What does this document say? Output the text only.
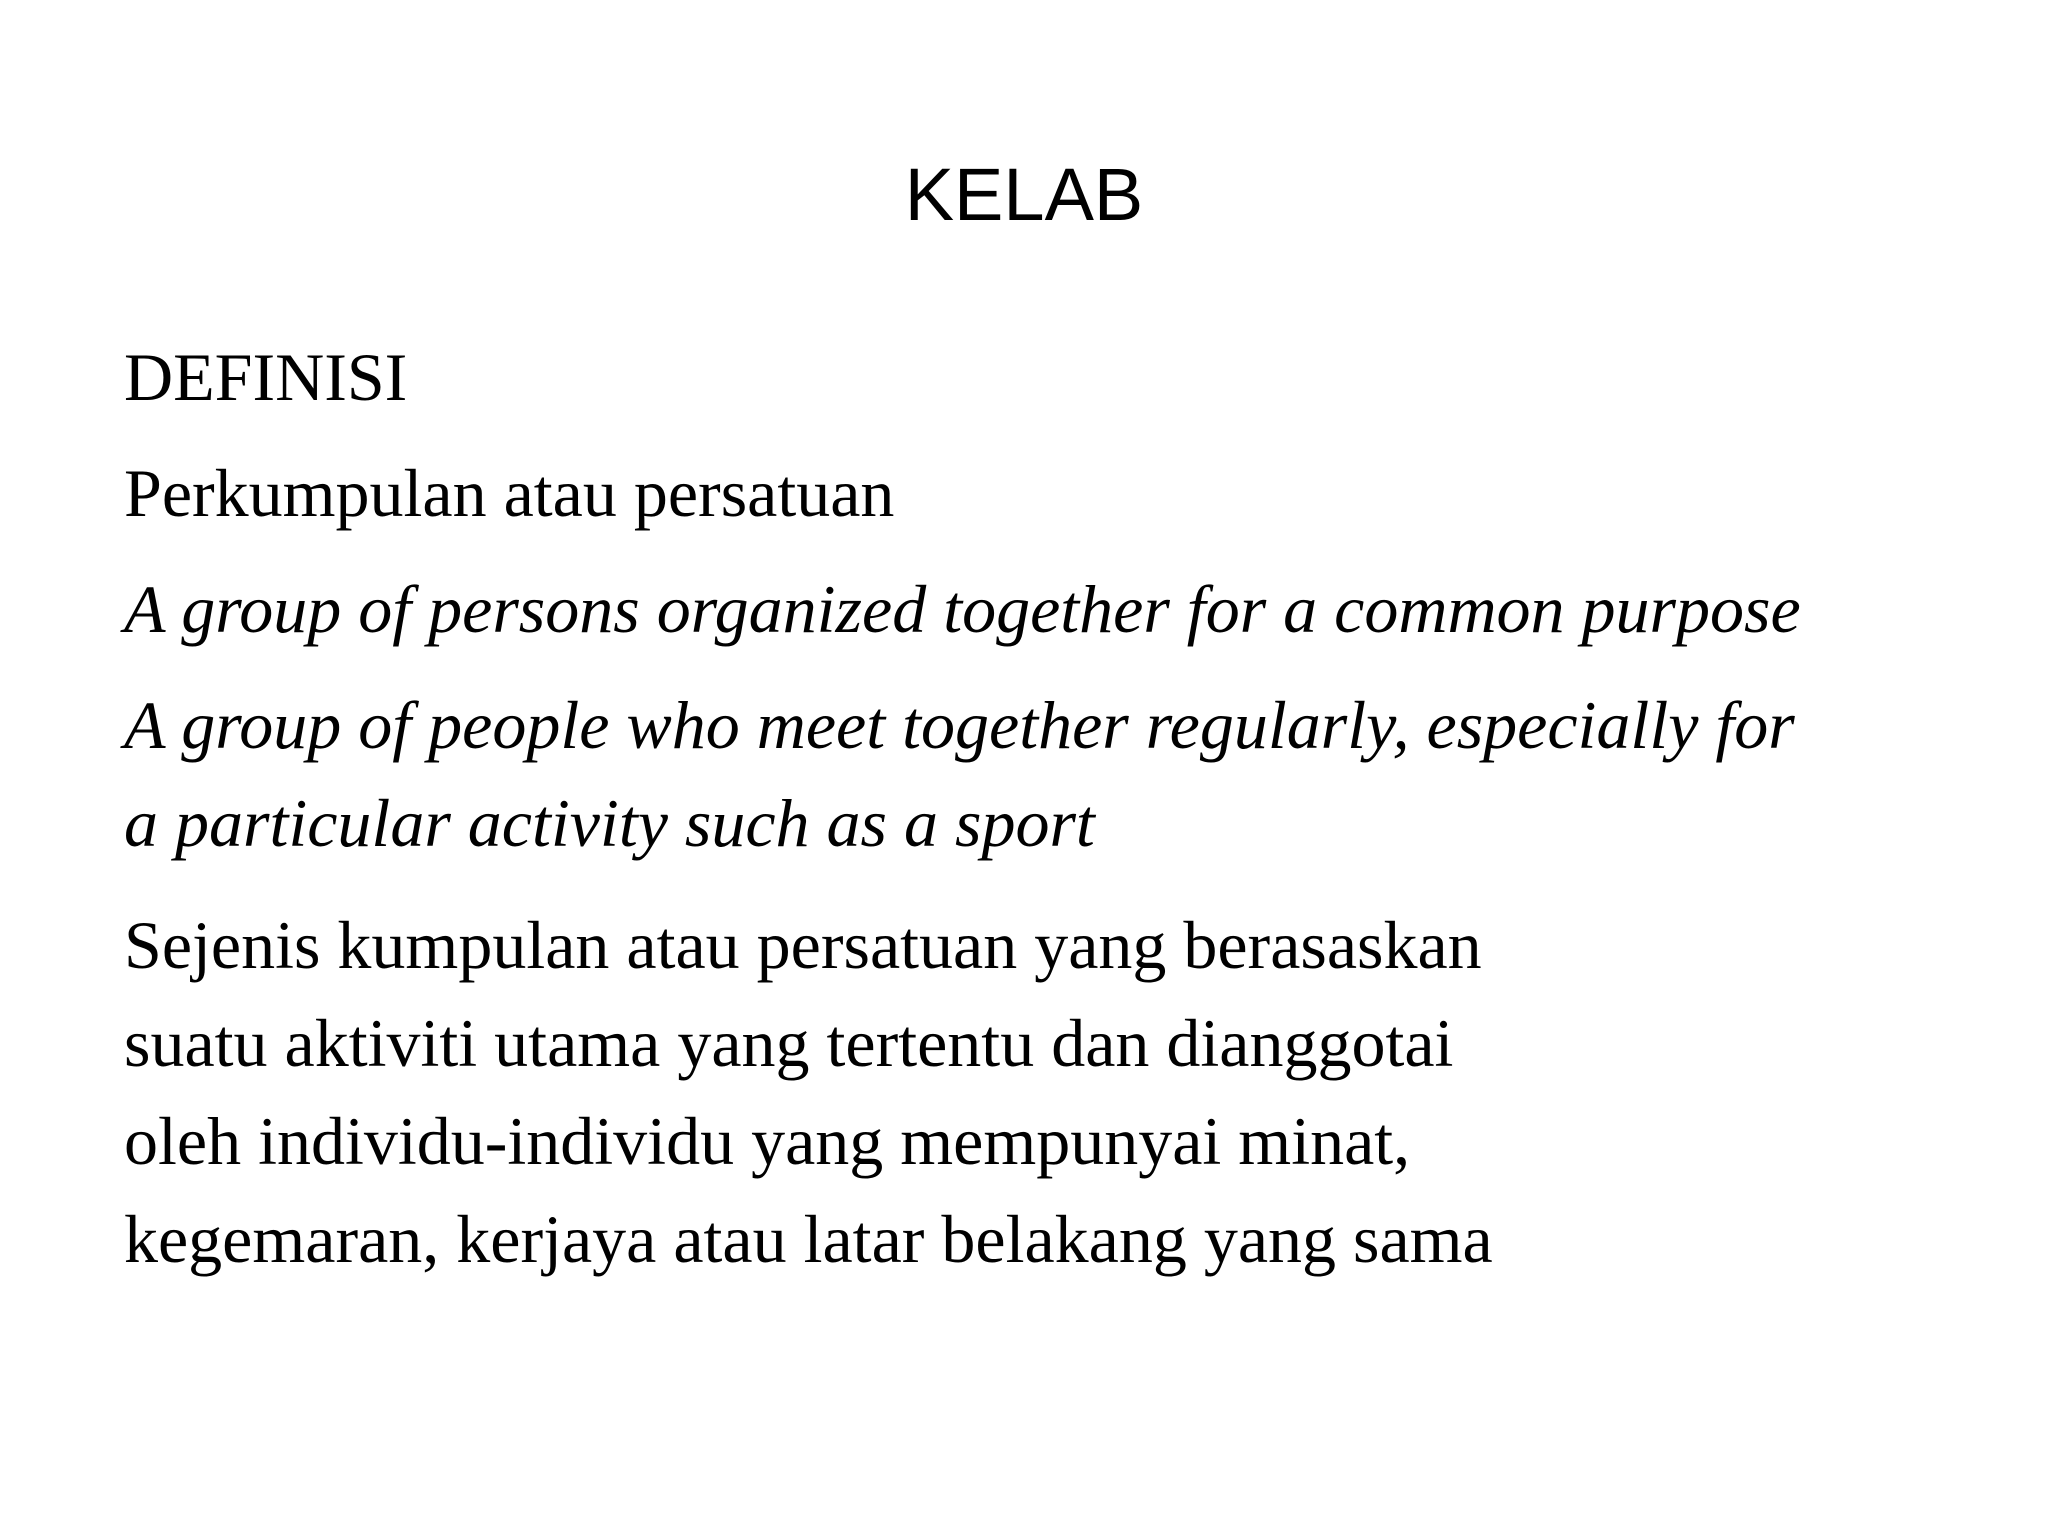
KELAB

DEFINISI

Perkumpulan atau persatuan

A group of persons organized together for a common purpose

A group of people who meet together regularly, especially for
a particular activity such as a sport

Sejenis kumpulan atau persatuan yang berasaskan
suatu aktiviti utama yang tertentu dan dianggotai
oleh individu-individu yang mempunyai minat,
kegemaran, kerjaya atau latar belakang yang sama
